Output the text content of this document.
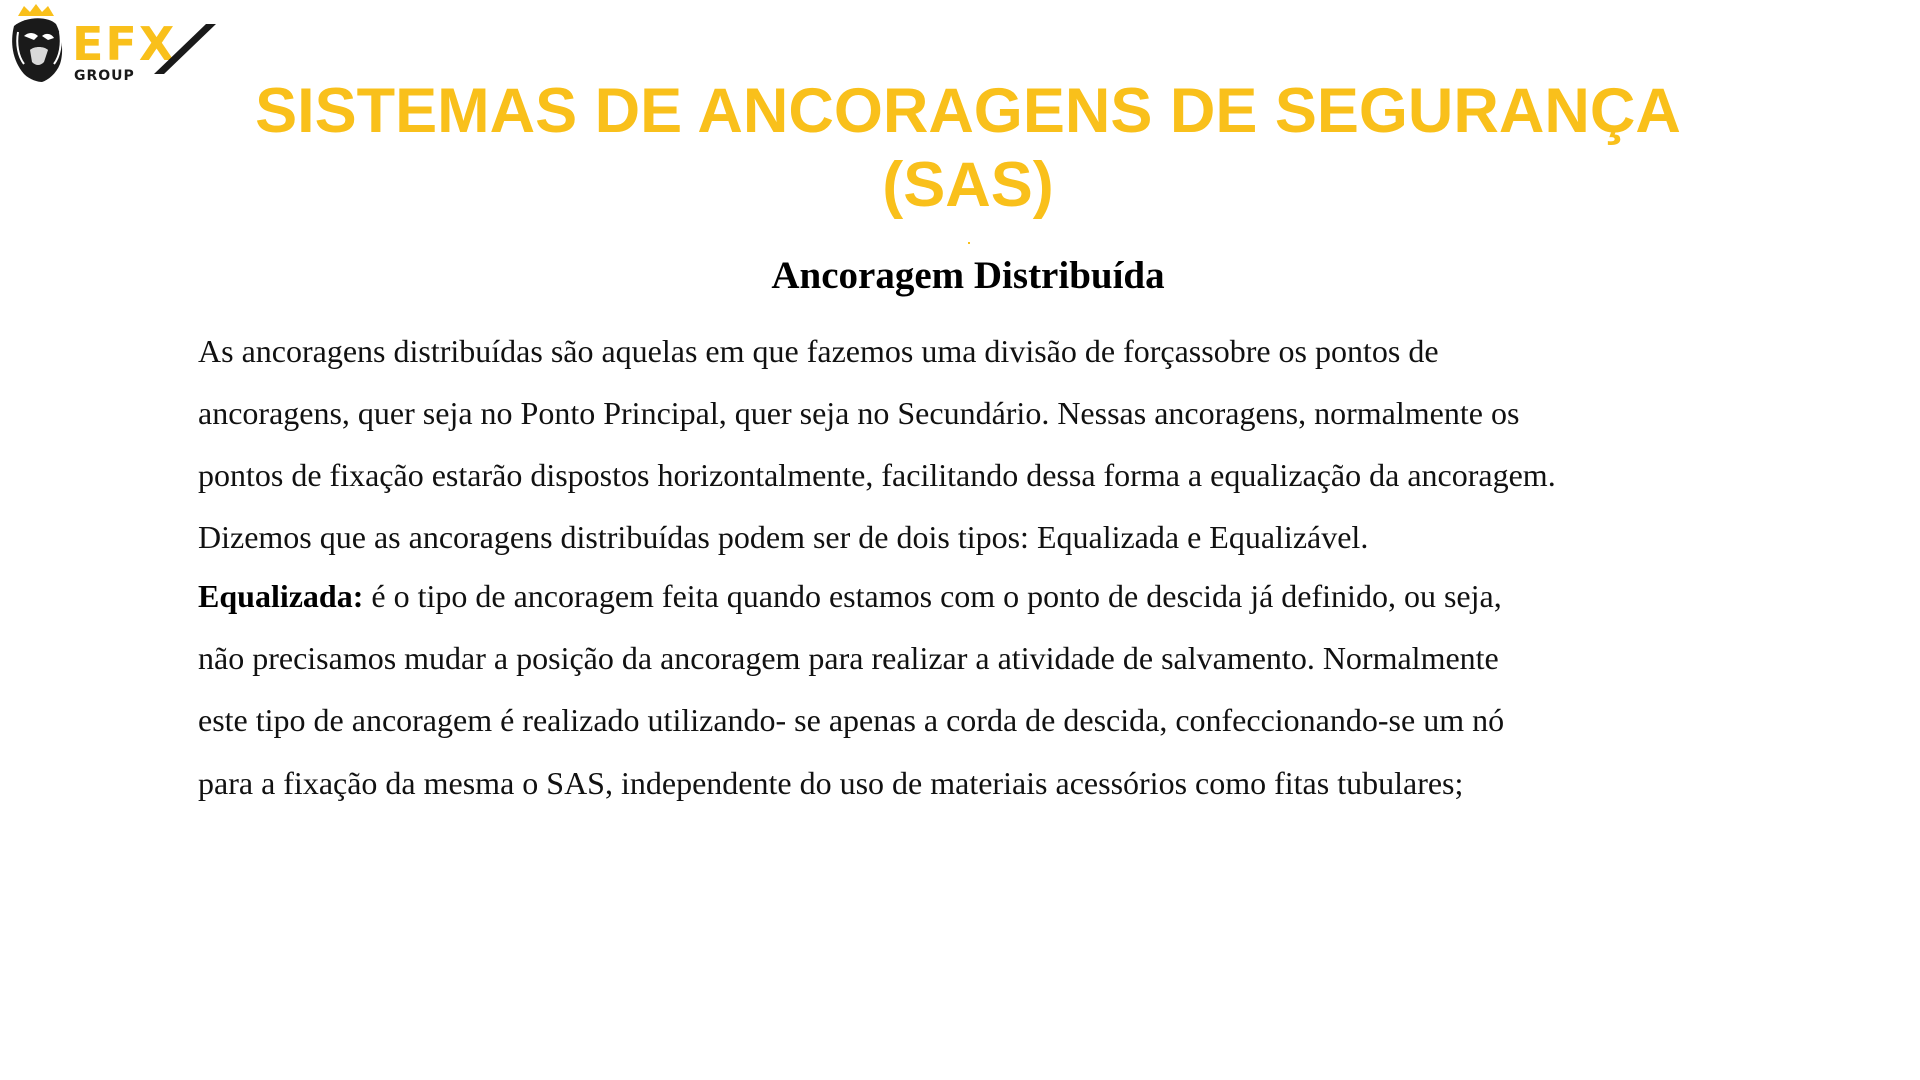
EFX
GROUP	SISTEMAS DE ANCORAGENS DE SEGURANÇA
(SAS)
Ancoragem Distribuída

As ancoragens distribuídas são aquelas em que fazemos uma divisão de forçassobre os pontos de

ancoragens, quer seja no Ponto Principal, quer seja no Secundário. Nessas ancoragens, normalmente os

pontos de fixação estarão dispostos horizontalmente, facilitando dessa forma a equalização da ancoragem.

Dizemos que as ancoragens distribuídas podem ser de dois tipos: Equalizada e Equalizável.

Equalizada: é o tipo de ancoragem feita quando estamos com o ponto de descida já definido, ou seja,

não precisamos mudar a posição da ancoragem para realizar a atividade de salvamento. Normalmente

este tipo de ancoragem é realizado utilizando- se apenas a corda de descida, confeccionando-se um nó

para a fixação da mesma o SAS, independente do uso de materiais acessórios como fitas tubulares;
